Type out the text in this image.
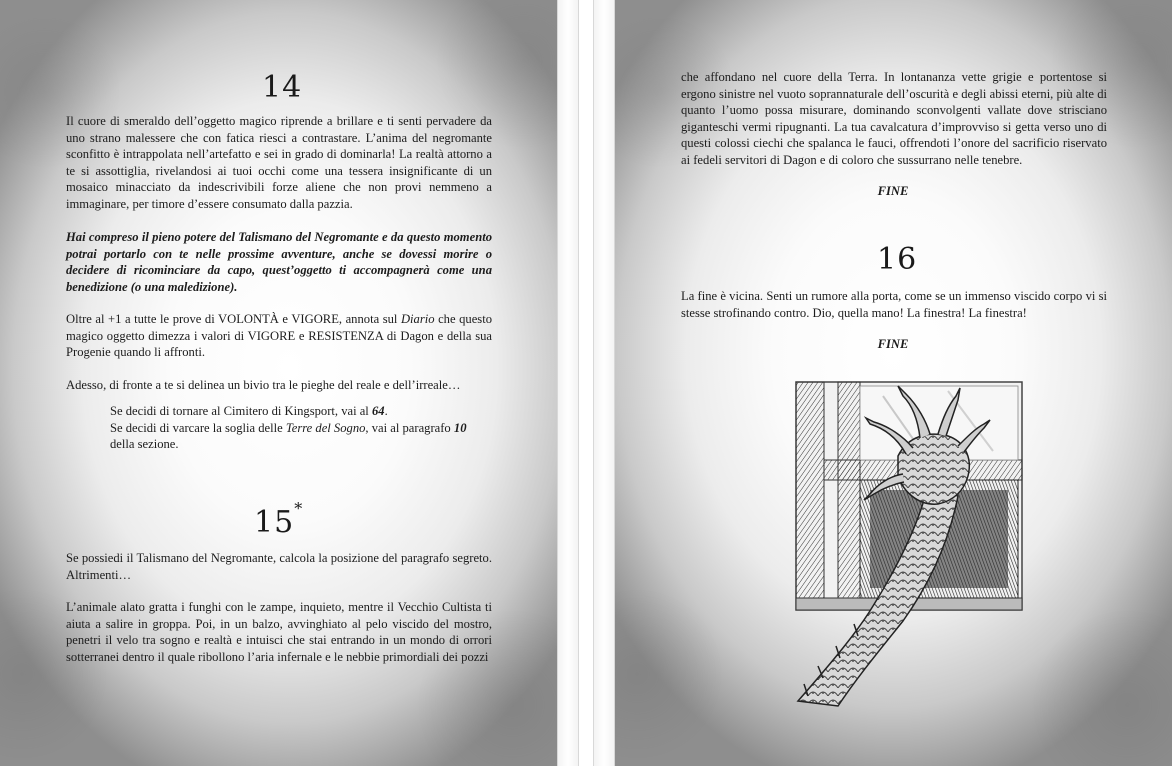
14

Il cuore di smeraldo dell’oggetto magico riprende a brillare e ti senti pervadere da uno strano malessere che con fatica riesci a contrastare. L’anima del negromante sconfitto è intrappolata nell’artefatto e sei in grado di dominarla! La realtà attorno a te si assottiglia, rivelandosi ai tuoi occhi come una tessera insignificante di un mosaico minacciato da indescrivibili forze aliene che non provi nemmeno a immaginare, per timore d’essere consumato dalla pazzia.

Hai compreso il pieno potere del Talismano del Negromante e da questo momento potrai portarlo con te nelle prossime avventure, anche se dovessi morire o decidere di ricominciare da capo, quest’oggetto ti accompagnerà come una benedizione (o una maledizione).

Oltre al +1 a tutte le prove di VOLONTÀ e VIGORE, annota sul Diario che questo magico oggetto dimezza i valori di VIGORE e RESISTENZA di Dagon e della sua Progenie quando li affronti.

Adesso, di fronte a te si delinea un bivio tra le pieghe del reale e dell’irreale…

Se decidi di tornare al Cimitero di Kingsport, vai al 64.

Se decidi di varcare la soglia delle Terre del Sogno, vai al paragrafo 10 della sezione.

15*

Se possiedi il Talismano del Negromante, calcola la posizione del paragrafo segreto. Altrimenti…

L’animale alato gratta i funghi con le zampe, inquieto, mentre il Vecchio Cultista ti aiuta a salire in groppa. Poi, in un balzo, avvinghiato al pelo viscido del mostro, penetri il velo tra sogno e realtà e intuisci che stai entrando in un mondo di orrori sotterranei dentro il quale ribollono l’aria infernale e le nebbie primordiali dei pozzi

che affondano nel cuore della Terra. In lontananza vette grigie e portentose si ergono sinistre nel vuoto soprannaturale dell’oscurità e degli abissi eterni, più alte di quanto l’uomo possa misurare, dominando sconvolgenti vallate dove strisciano giganteschi vermi ripugnanti. La tua cavalcatura d’improvviso si getta verso uno di questi colossi ciechi che spalanca le fauci, offrendoti l’onore del sacrificio riservato ai fedeli servitori di Dagon e di coloro che sussurrano nelle tenebre.

FINE
16

La fine è vicina. Senti un rumore alla porta, come se un immenso viscido corpo vi si stesse strofinando contro. Dio, quella mano! La finestra! La finestra!

FINE
